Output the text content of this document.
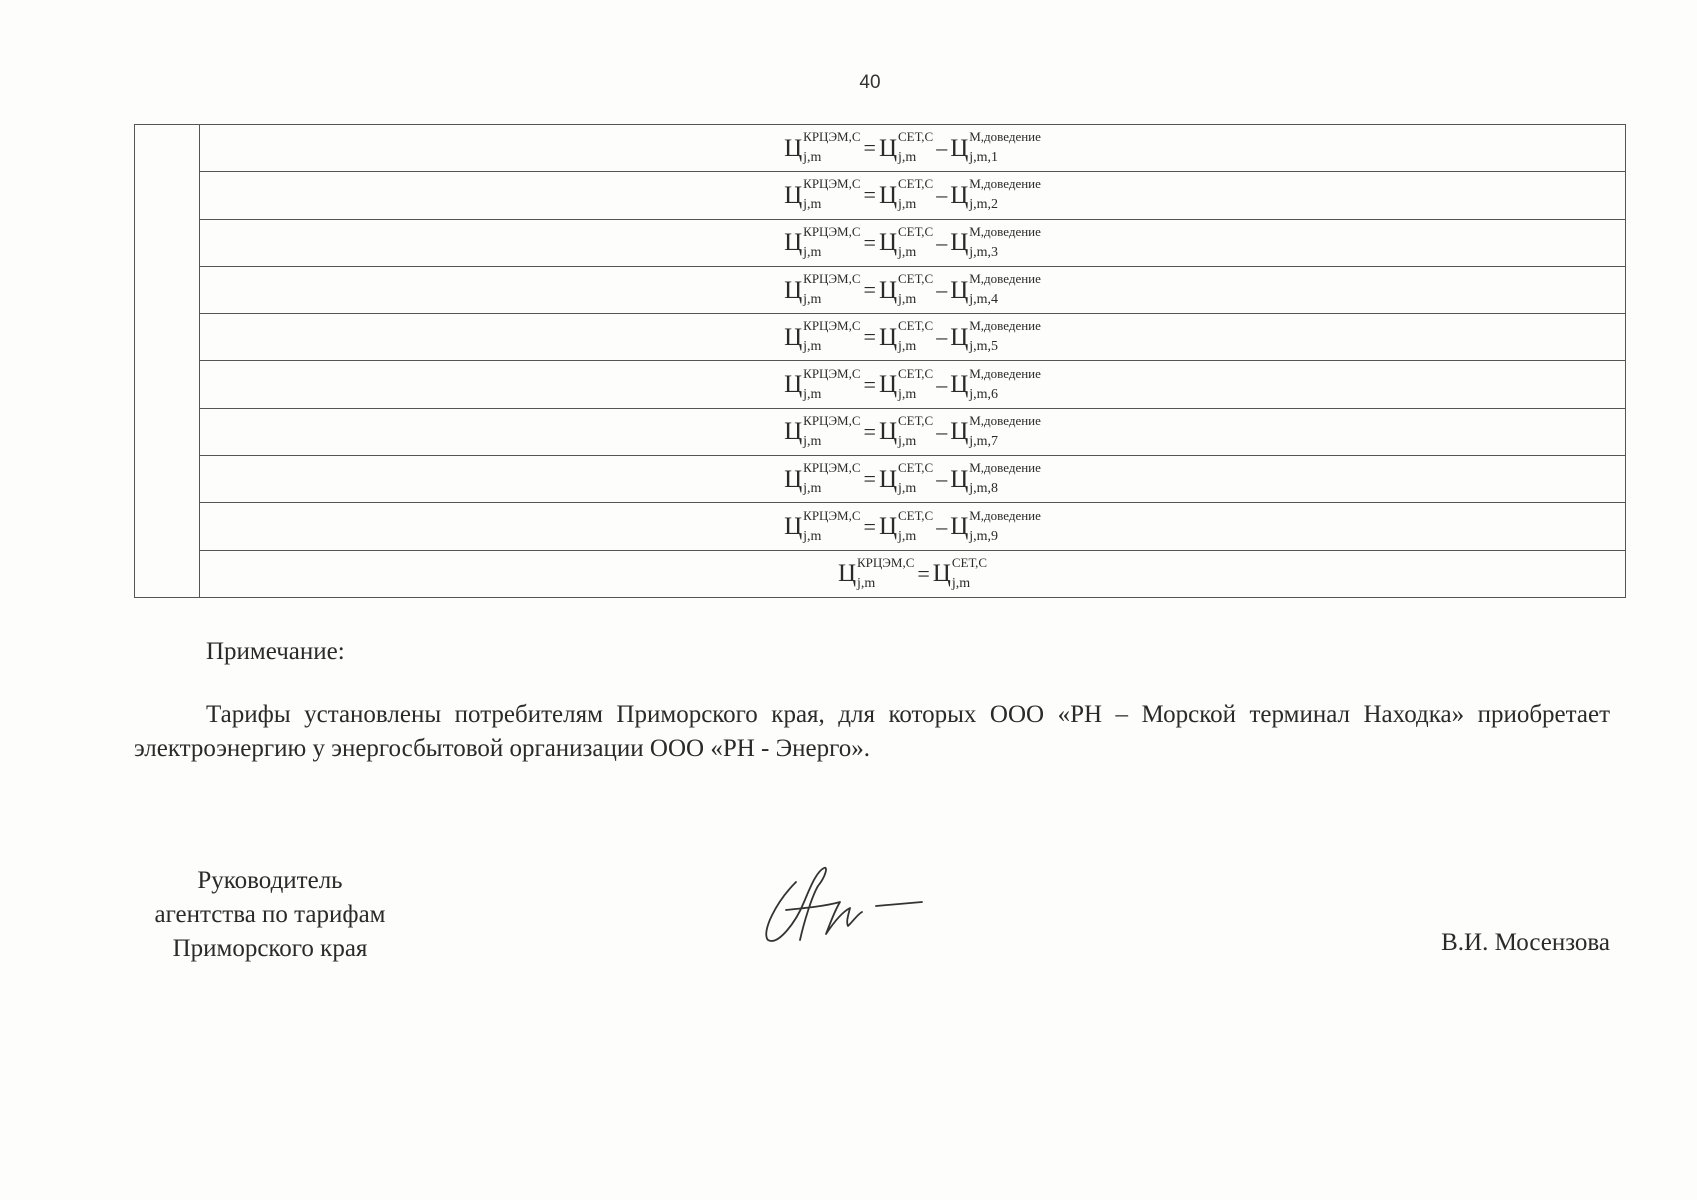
40

Ц КРЦЭМ,С
j,m = Ц СЕТ,С
j,m – Ц М,доведение
j,m,1

Ц КРЦЭМ,С
j,m = Ц СЕТ,С
j,m – Ц М,доведение
j,m,2

Ц КРЦЭМ,С
j,m = Ц СЕТ,С
j,m – Ц М,доведение
j,m,3

Ц КРЦЭМ,С
j,m = Ц СЕТ,С
j,m – Ц М,доведение
j,m,4

Ц КРЦЭМ,С
j,m = Ц СЕТ,С
j,m – Ц М,доведение
j,m,5

Ц КРЦЭМ,С
j,m = Ц СЕТ,С
j,m – Ц М,доведение
j,m,6

Ц КРЦЭМ,С
j,m = Ц СЕТ,С
j,m – Ц М,доведение
j,m,7

Ц КРЦЭМ,С
j,m = Ц СЕТ,С
j,m – Ц М,доведение
j,m,8

Ц КРЦЭМ,С
j,m = Ц СЕТ,С
j,m – Ц М,доведение
j,m,9

Ц КРЦЭМ,С
j,m = Ц СЕТ,С
j,m

Примечание:

Тарифы установлены потребителям Приморского края, для которых ООО «РН – Морской терминал Находка» приобретает электроэнергию у энергосбытовой организации ООО «РН - Энерго».

Руководитель
агентства по тарифам
Приморского края	В.И. Мосензова
